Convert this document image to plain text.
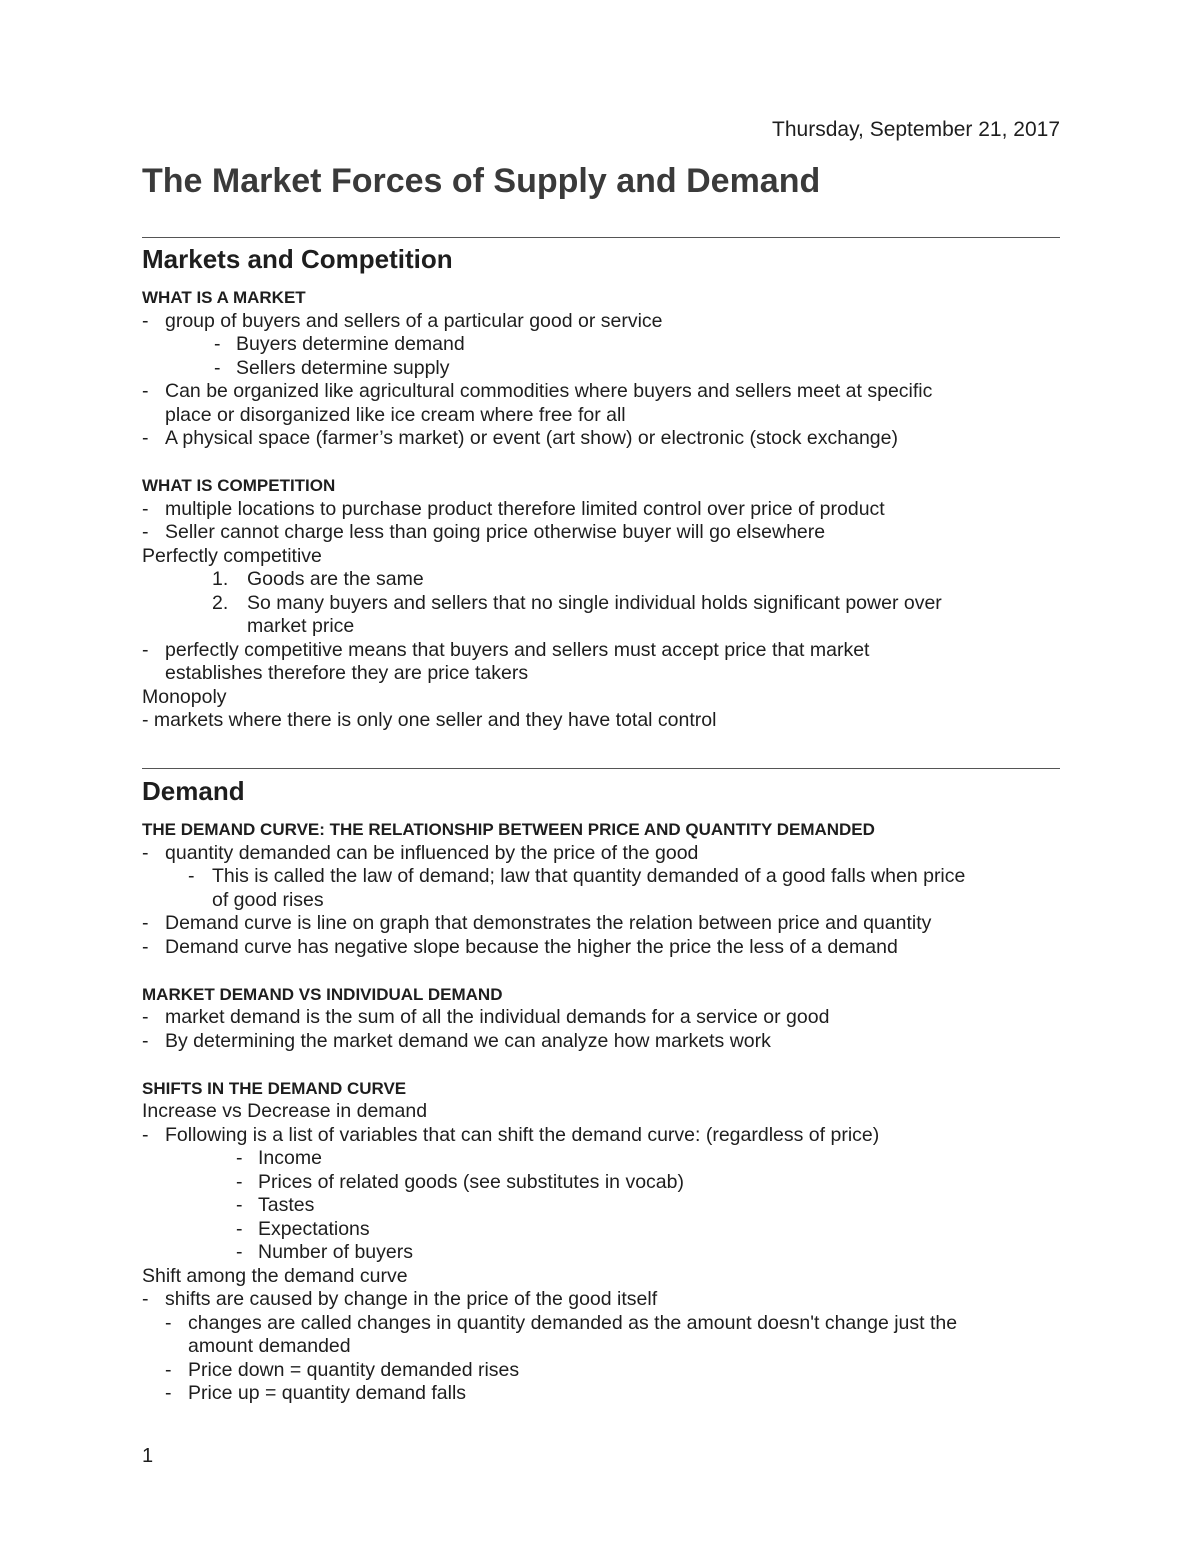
Thursday, September 21, 2017
The Market Forces of Supply and Demand
Markets and Competition
WHAT IS A MARKET
- group of buyers and sellers of a particular good or service
- Buyers determine demand
- Sellers determine supply
- Can be organized like agricultural commodities where buyers and sellers meet at specific
place or disorganized like ice cream where free for all
- A physical space (farmer’s market) or event (art show) or electronic (stock exchange)
WHAT IS COMPETITION
- multiple locations to purchase product therefore limited control over price of product
- Seller cannot charge less than going price otherwise buyer will go elsewhere
Perfectly competitive
1. Goods are the same
2. So many buyers and sellers that no single individual holds significant power over
market price
- perfectly competitive means that buyers and sellers must accept price that market
establishes therefore they are price takers
Monopoly
- markets where there is only one seller and they have total control
Demand
THE DEMAND CURVE: THE RELATIONSHIP BETWEEN PRICE AND QUANTITY DEMANDED
- quantity demanded can be influenced by the price of the good
- This is called the law of demand; law that quantity demanded of a good falls when price
of good rises
- Demand curve is line on graph that demonstrates the relation between price and quantity
- Demand curve has negative slope because the higher the price the less of a demand
MARKET DEMAND VS INDIVIDUAL DEMAND
- market demand is the sum of all the individual demands for a service or good
- By determining the market demand we can analyze how markets work
SHIFTS IN THE DEMAND CURVE
Increase vs Decrease in demand
- Following is a list of variables that can shift the demand curve: (regardless of price)
- Income
- Prices of related goods (see substitutes in vocab)
- Tastes
- Expectations
- Number of buyers
Shift among the demand curve
- shifts are caused by change in the price of the good itself
- changes are called changes in quantity demanded as the amount doesn't change just the
amount demanded
- Price down = quantity demanded rises
- Price up = quantity demand falls
1
